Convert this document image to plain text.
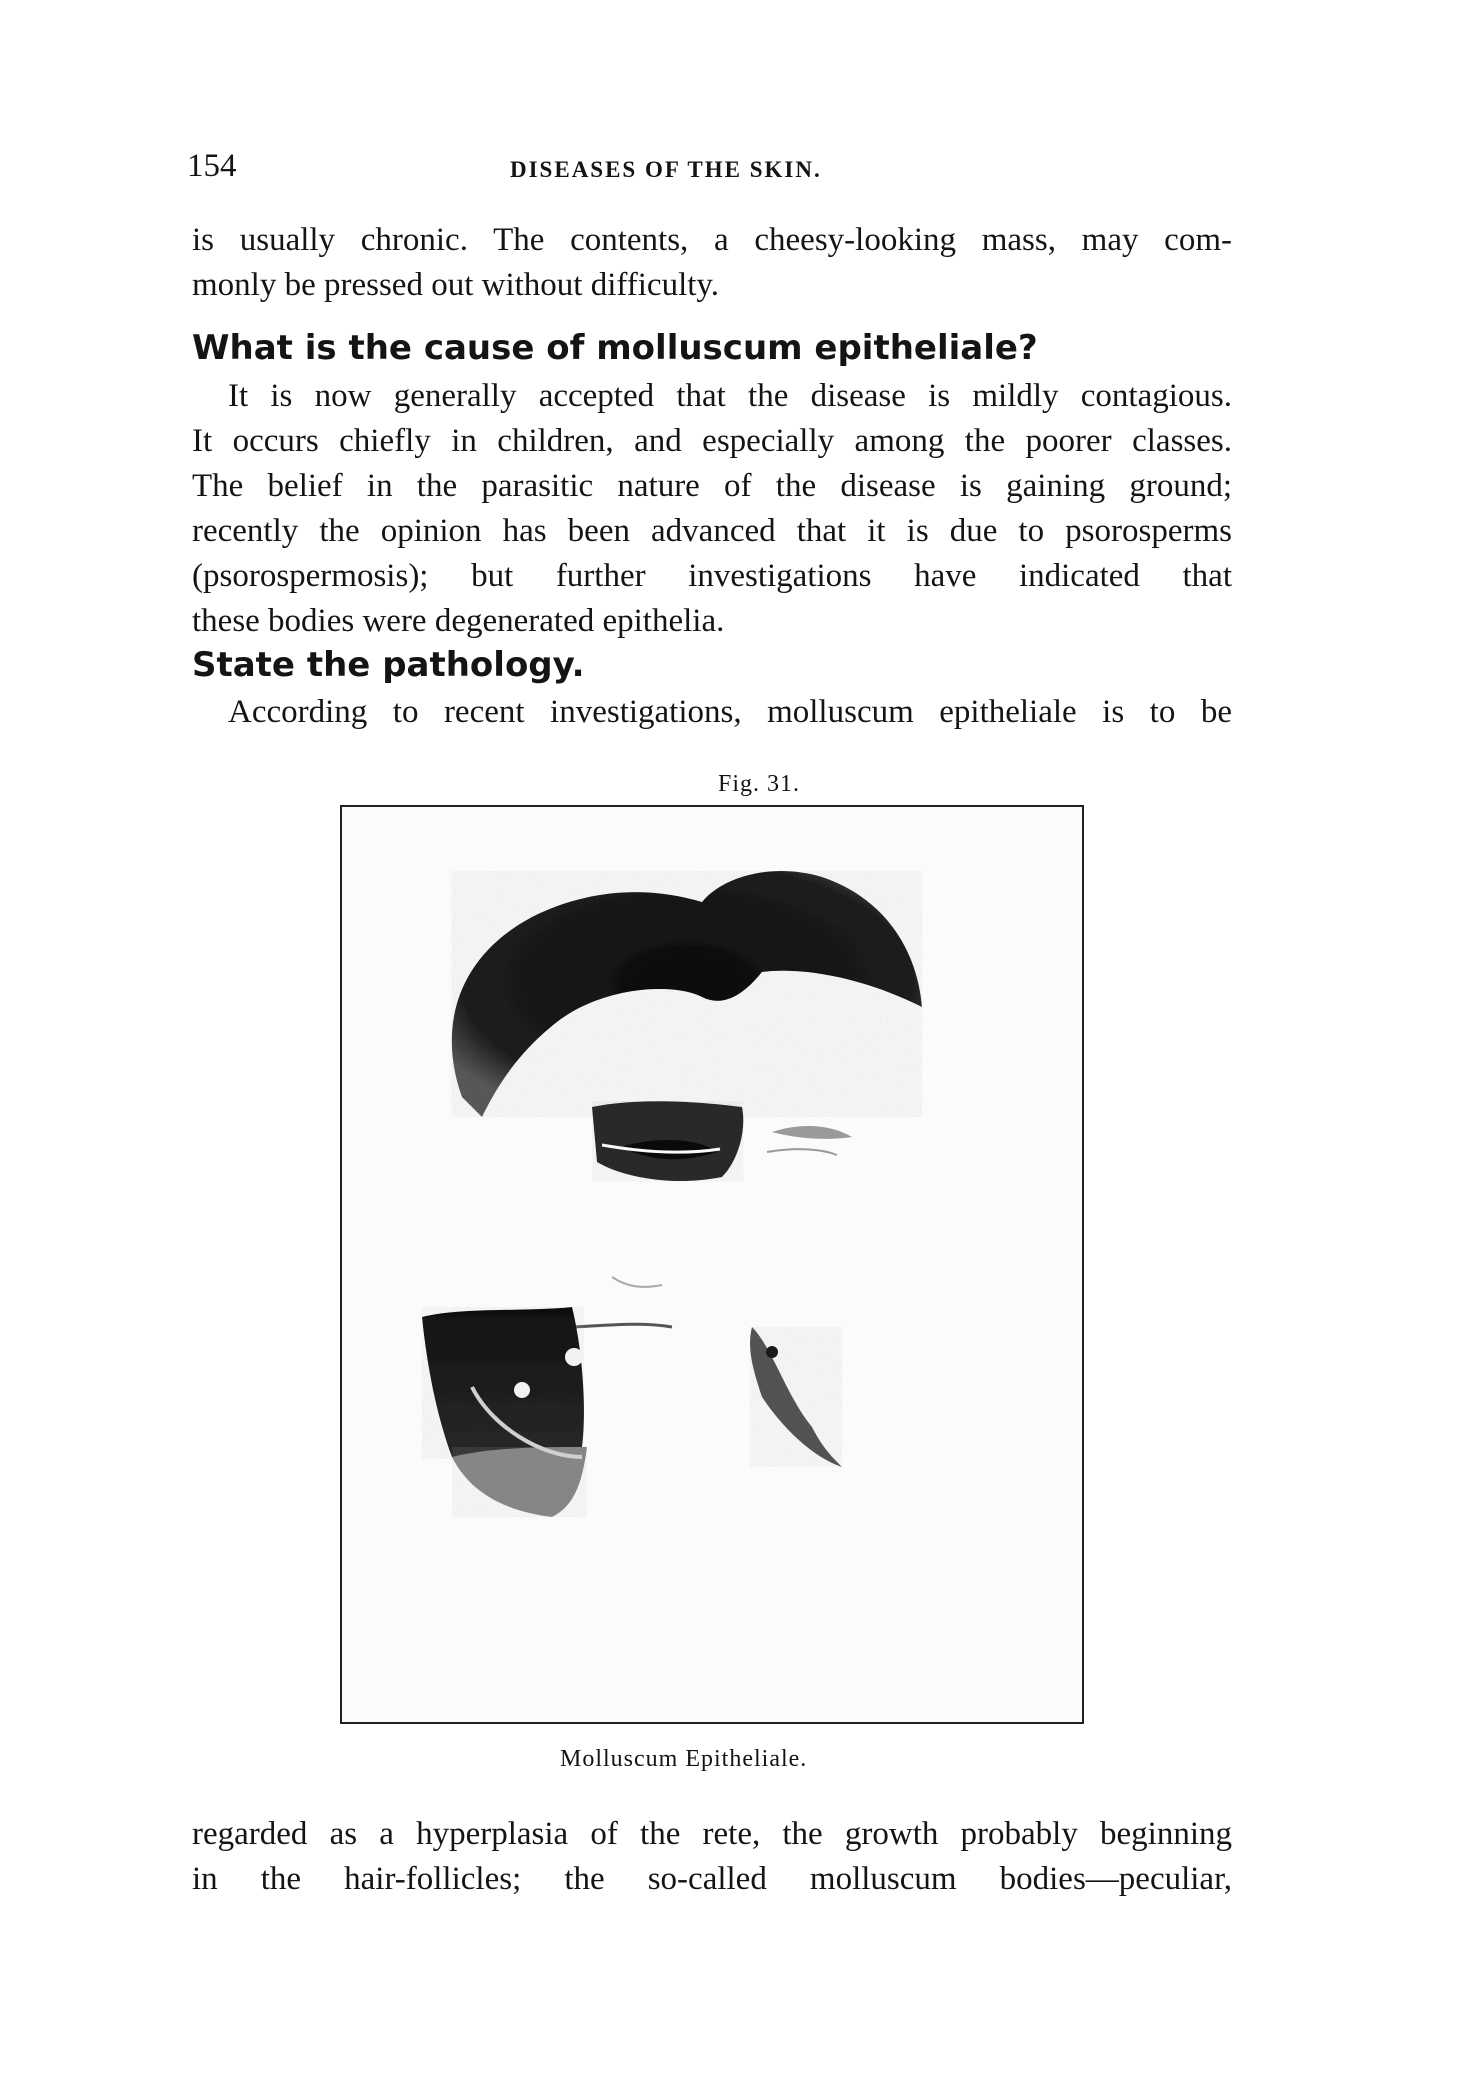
154	DISEASES OF THE SKIN.

is usually chronic. The contents, a cheesy-looking mass, may com-
monly be pressed out without difficulty.

What is the cause of molluscum epitheliale?

It is now generally accepted that the disease is mildly contagious.
It occurs chiefly in children, and especially among the poorer classes.
The belief in the parasitic nature of the disease is gaining ground;
recently the opinion has been advanced that it is due to psorosperms
(psorospermosis); but further investigations have indicated that
these bodies were degenerated epithelia.

State the pathology.

According to recent investigations, molluscum epitheliale is to be

Fig. 31.
Molluscum Epitheliale.

regarded as a hyperplasia of the rete, the growth probably beginning
in the hair-follicles; the so-called molluscum bodies—peculiar,
